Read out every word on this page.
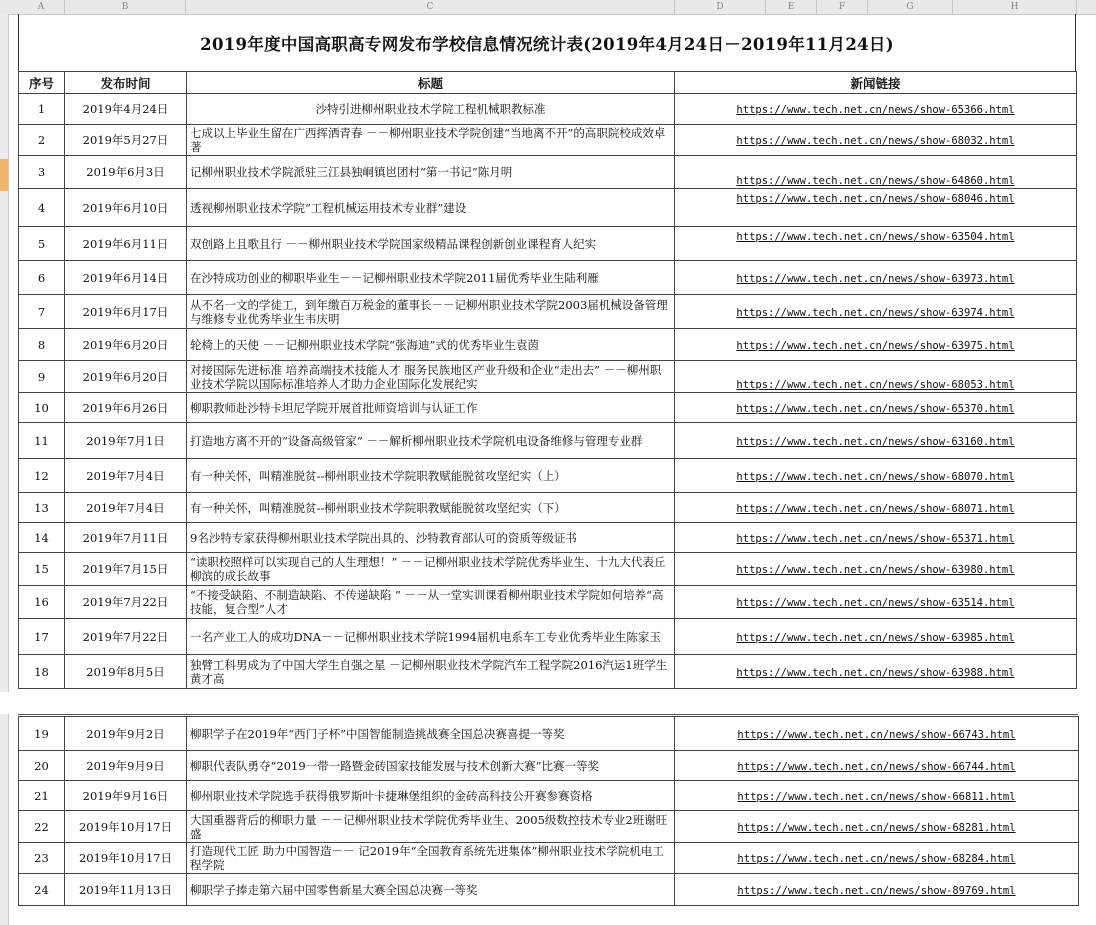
A	B	C	D	E	F	G	H
2019年度中国高职高专网发布学校信息情况统计表(2019年4月24日－2019年11月24日)
序号	发布时间	标题	新闻链接
1	2019年4月24日	沙特引进柳州职业技术学院工程机械职教标准	https://www.tech.net.cn/news/show-65366.html
2	2019年5月27日	七成以上毕业生留在广西挥洒青春 －－柳州职业技术学院创建“当地离不开”的高职院校成效卓著	https://www.tech.net.cn/news/show-68032.html
3	2019年6月3日	记柳州职业技术学院派驻三江县独峒镇岜团村“第一书记”陈月明	https://www.tech.net.cn/news/show-64860.html
4	2019年6月10日	透视柳州职业技术学院“工程机械运用技术专业群”建设	https://www.tech.net.cn/news/show-68046.html
5	2019年6月11日	双创路上且歌且行 －－柳州职业技术学院国家级精品课程创新创业课程育人纪实	https://www.tech.net.cn/news/show-63504.html
6	2019年6月14日	在沙特成功创业的柳职毕业生－－记柳州职业技术学院2011届优秀毕业生陆利雁	https://www.tech.net.cn/news/show-63973.html
7	2019年6月17日	从不名一文的学徒工，到年缴百万税金的董事长－－记柳州职业技术学院2003届机械设备管理与维修专业优秀毕业生韦庆明	https://www.tech.net.cn/news/show-63974.html
8	2019年6月20日	轮椅上的天使 －－记柳州职业技术学院“张海迪”式的优秀毕业生袁茵	https://www.tech.net.cn/news/show-63975.html
9	2019年6月20日	对接国际先进标准 培养高端技术技能人才 服务民族地区产业升级和企业“走出去” －－柳州职业技术学院以国际标准培养人才助力企业国际化发展纪实	https://www.tech.net.cn/news/show-68053.html
10	2019年6月26日	柳职教师赴沙特卡坦尼学院开展首批师资培训与认证工作	https://www.tech.net.cn/news/show-65370.html
11	2019年7月1日	打造地方离不开的“设备高级管家” －－解析柳州职业技术学院机电设备维修与管理专业群	https://www.tech.net.cn/news/show-63160.html
12	2019年7月4日	有一种关怀，叫精准脱贫--柳州职业技术学院职教赋能脱贫攻坚纪实（上）	https://www.tech.net.cn/news/show-68070.html
13	2019年7月4日	有一种关怀，叫精准脱贫--柳州职业技术学院职教赋能脱贫攻坚纪实（下）	https://www.tech.net.cn/news/show-68071.html
14	2019年7月11日	9名沙特专家获得柳州职业技术学院出具的、沙特教育部认可的资质等级证书	https://www.tech.net.cn/news/show-65371.html
15	2019年7月15日	“读职校照样可以实现自己的人生理想！” －－记柳州职业技术学院优秀毕业生、十九大代表丘柳滨的成长故事	https://www.tech.net.cn/news/show-63980.html
16	2019年7月22日	“不接受缺陷、不制造缺陷、不传递缺陷 ” －－从一堂实训课看柳州职业技术学院如何培养“高技能，复合型”人才	https://www.tech.net.cn/news/show-63514.html
17	2019年7月22日	一名产业工人的成功DNA－－记柳州职业技术学院1994届机电系车工专业优秀毕业生陈家玉	https://www.tech.net.cn/news/show-63985.html
18	2019年8月5日	独臂工科男成为了中国大学生自强之星 －记柳州职业技术学院汽车工程学院2016汽运1班学生黄才高	https://www.tech.net.cn/news/show-63988.html
19	2019年9月2日	柳职学子在2019年“西门子杯”中国智能制造挑战赛全国总决赛喜提一等奖	https://www.tech.net.cn/news/show-66743.html
20	2019年9月9日	柳职代表队勇夺“2019一带一路暨金砖国家技能发展与技术创新大赛”比赛一等奖	https://www.tech.net.cn/news/show-66744.html
21	2019年9月16日	柳州职业技术学院选手获得俄罗斯叶卡捷琳堡组织的金砖高科技公开赛参赛资格	https://www.tech.net.cn/news/show-66811.html
22	2019年10月17日	大国重器背后的柳职力量 －－记柳州职业技术学院优秀毕业生、2005级数控技术专业2班谢旺盛	https://www.tech.net.cn/news/show-68281.html
23	2019年10月17日	打造现代工匠 助力中国智造－－ 记2019年“全国教育系统先进集体”柳州职业技术学院机电工程学院	https://www.tech.net.cn/news/show-68284.html
24	2019年11月13日	柳职学子捧走第六届中国零售新星大赛全国总决赛一等奖	https://www.tech.net.cn/news/show-89769.html
